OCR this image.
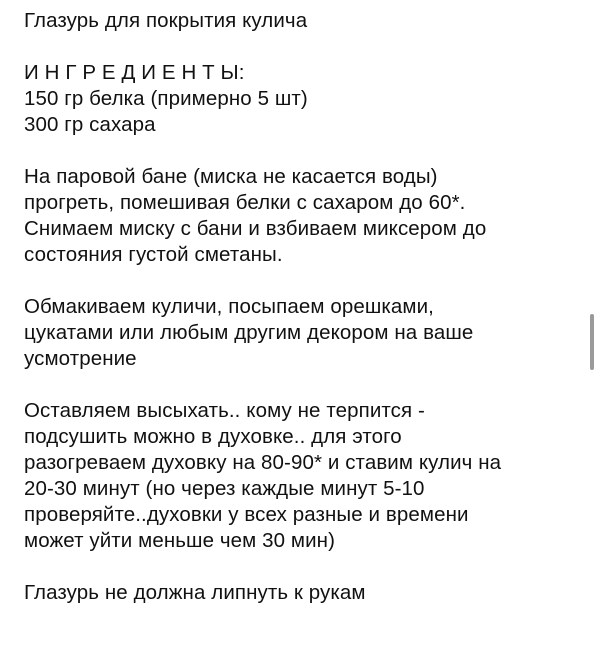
Глазурь для покрытия кулича

И Н Г Р Е Д И Е Н Т Ы:

150 гр белка (примерно 5 шт)

300 гр сахара

На паровой бане (миска не касается воды)

прогреть, помешивая белки с сахаром до 60*.

Снимаем миску с бани и взбиваем миксером до

состояния густой сметаны.

Обмакиваем куличи, посыпаем орешками,

цукатами или любым другим декором на ваше

усмотрение

Оставляем высыхать.. кому не терпится -

подсушить можно в духовке.. для этого

разогреваем духовку на 80-90* и ставим кулич на

20-30 минут (но через каждые минут 5-10

проверяйте..духовки у всех разные и времени

может уйти меньше чем 30 мин)

Глазурь не должна липнуть к рукам
